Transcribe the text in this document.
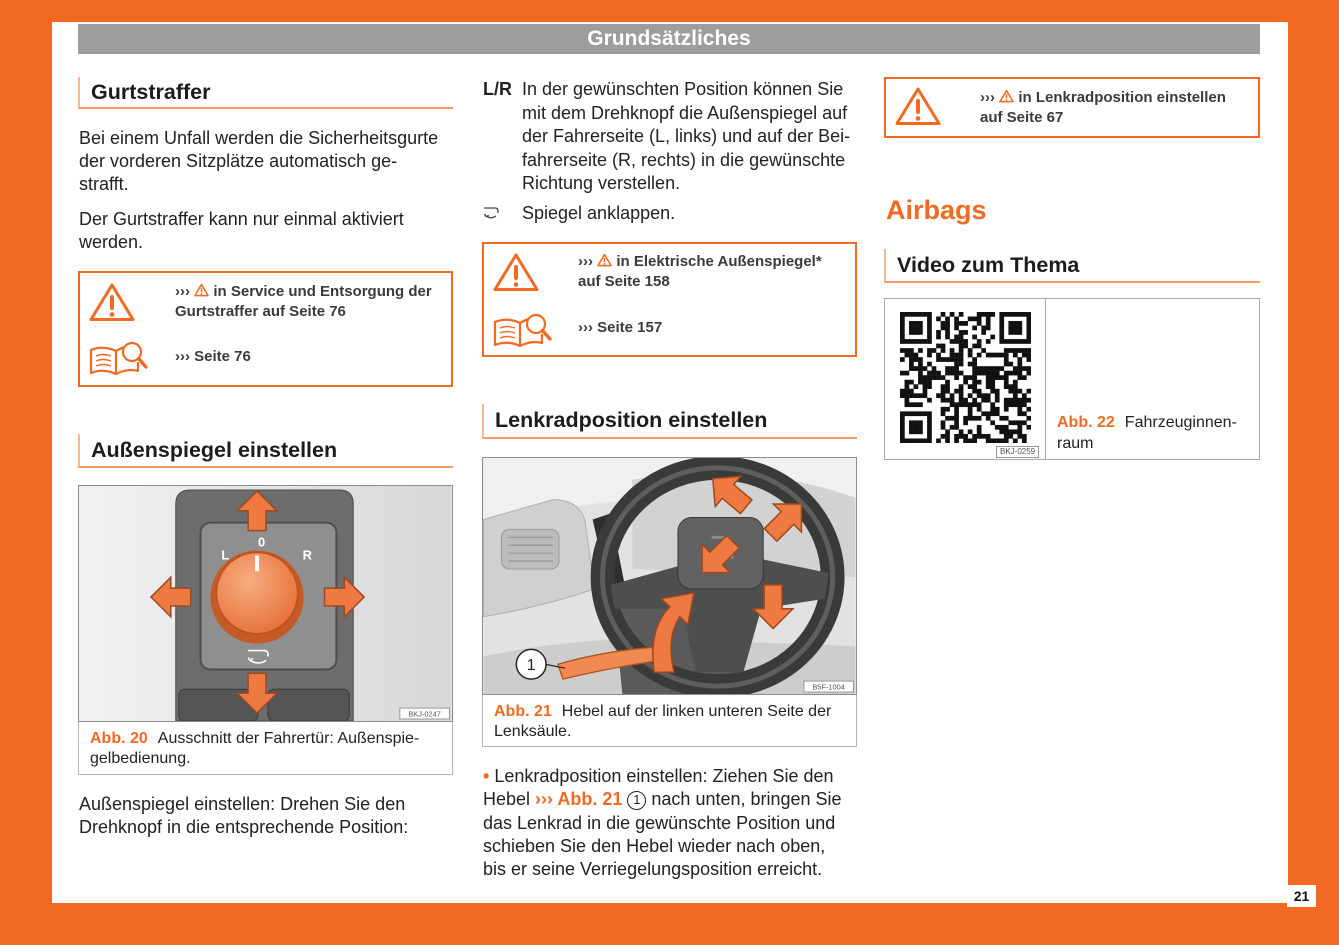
21
Grundsätzliches
Gurtstraffer
Bei einem Unfall werden die Sicherheitsgurte
der vorderen Sitzplätze automatisch ge-
strafft.
Der Gurtstraffer kann nur einmal aktiviert
werden.
››› in Service und Entsorgung der
Gurtstraffer auf Seite 76
››› Seite 76
Außenspiegel einstellen
L
0
R
BKJ-0247
Abb. 20 Ausschnitt der Fahrertür: Außenspie-
gelbedienung.
Außenspiegel einstellen: Drehen Sie den
Drehknopf in die entsprechende Position:
L/R In der gewünschten Position können Sie
mit dem Drehknopf die Außenspiegel auf
der Fahrerseite (L, links) und auf der Bei-
fahrerseite (R, rechts) in die gewünschte
Richtung verstellen.
Spiegel anklappen.
››› in Elektrische Außenspiegel*
auf Seite 158
››› Seite 157
Lenkradposition einstellen
1
B5F-1004
Abb. 21 Hebel auf der linken unteren Seite der
Lenksäule.
• Lenkradposition einstellen: Ziehen Sie den
Hebel ››› Abb. 21 1 nach unten, bringen Sie
das Lenkrad in die gewünschte Position und
schieben Sie den Hebel wieder nach oben,
bis er seine Verriegelungsposition erreicht.
››› in Lenkradposition einstellen
auf Seite 67
Airbags
Video zum Thema
BKJ-0259
Abb. 22 Fahrzeuginnen-
raum
